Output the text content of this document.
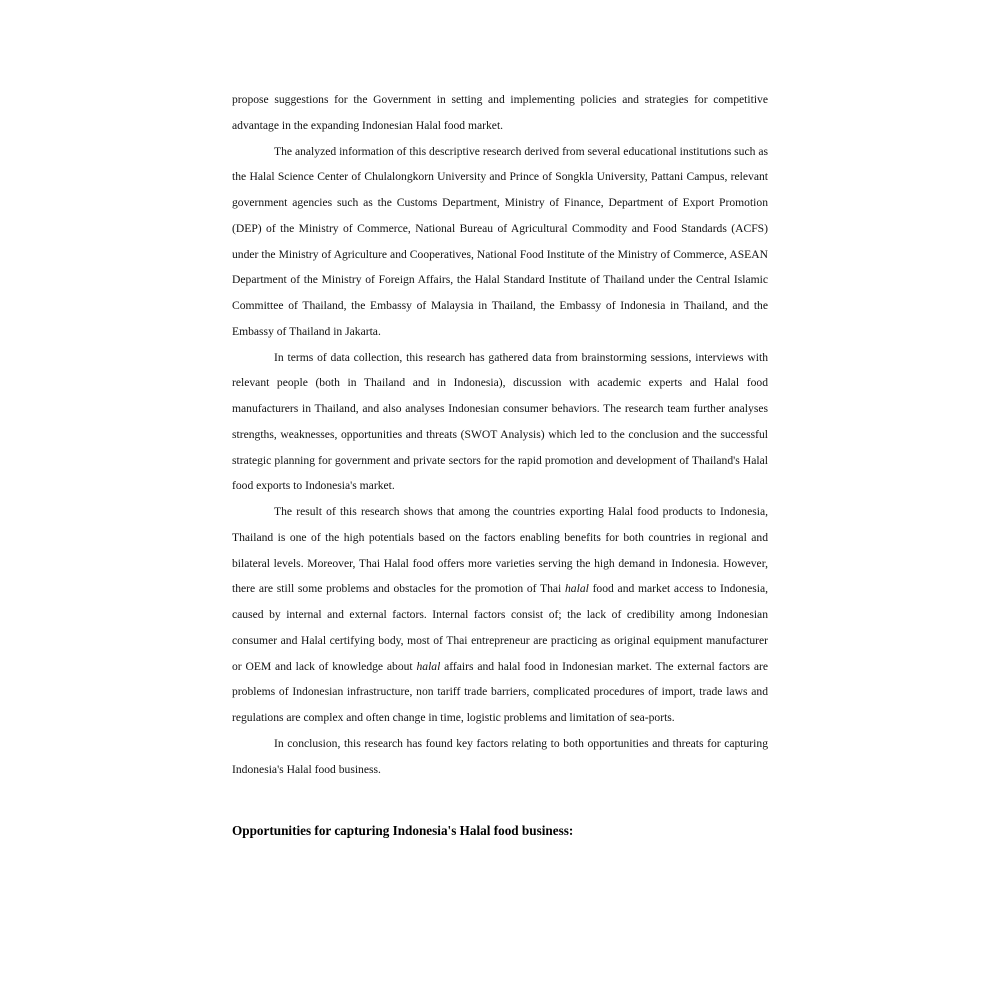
propose suggestions for the Government in setting and implementing policies and strategies for competitive advantage in the expanding Indonesian Halal food market.

The analyzed information of this descriptive research derived from several educational institutions such as the Halal Science Center of Chulalongkorn University and Prince of Songkla University, Pattani Campus, relevant government agencies such as the Customs Department, Ministry of Finance, Department of Export Promotion (DEP) of the Ministry of Commerce, National Bureau of Agricultural Commodity and Food Standards (ACFS) under the Ministry of Agriculture and Cooperatives, National Food Institute of the Ministry of Commerce, ASEAN Department of the Ministry of Foreign Affairs, the Halal Standard Institute of Thailand under the Central Islamic Committee of Thailand, the Embassy of Malaysia in Thailand, the Embassy of Indonesia in Thailand, and the Embassy of Thailand in Jakarta.

In terms of data collection, this research has gathered data from brainstorming sessions, interviews with relevant people (both in Thailand and in Indonesia), discussion with academic experts and Halal food manufacturers in Thailand, and also analyses Indonesian consumer behaviors. The research team further analyses strengths, weaknesses, opportunities and threats (SWOT Analysis) which led to the conclusion and the successful strategic planning for government and private sectors for the rapid promotion and development of Thailand's Halal food exports to Indonesia's market.

The result of this research shows that among the countries exporting Halal food products to Indonesia, Thailand is one of the high potentials based on the factors enabling benefits for both countries in regional and bilateral levels. Moreover, Thai Halal food offers more varieties serving the high demand in Indonesia. However, there are still some problems and obstacles for the promotion of Thai halal food and market access to Indonesia, caused by internal and external factors. Internal factors consist of; the lack of credibility among Indonesian consumer and Halal certifying body, most of Thai entrepreneur are practicing as original equipment manufacturer or OEM and lack of knowledge about halal affairs and halal food in Indonesian market. The external factors are problems of Indonesian infrastructure, non tariff trade barriers, complicated procedures of import, trade laws and regulations are complex and often change in time, logistic problems and limitation of sea-ports.

In conclusion, this research has found key factors relating to both opportunities and threats for capturing Indonesia's Halal food business.

Opportunities for capturing Indonesia's Halal food business:
